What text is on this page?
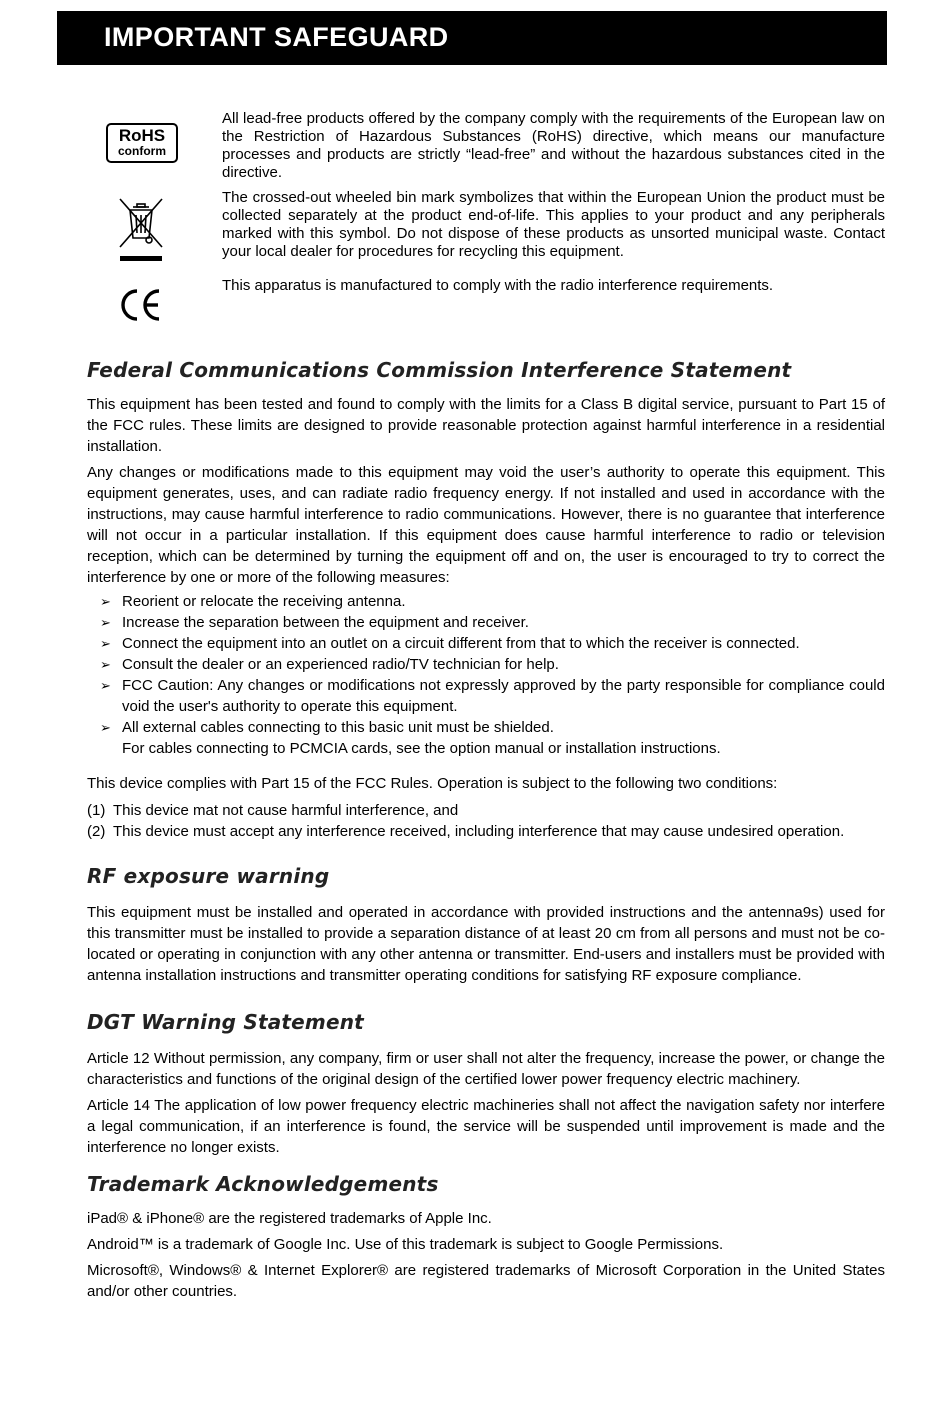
IMPORTANT SAFEGUARD
RoHS
conform

All lead-free products offered by the company comply with the requirements of the European law on the Restriction of Hazardous Substances (RoHS) directive, which means our manufacture processes and products are strictly “lead-free” and without the hazardous substances cited in the directive.

The crossed-out wheeled bin mark symbolizes that within the European Union the product must be collected separately at the product end-of-life. This applies to your product and any peripherals marked with this symbol. Do not dispose of these products as unsorted municipal waste. Contact your local dealer for procedures for recycling this equipment.

This apparatus is manufactured to comply with the radio interference requirements.

Federal Communications Commission Interference Statement

This equipment has been tested and found to comply with the limits for a Class B digital service, pursuant to Part 15 of the FCC rules. These limits are designed to provide reasonable protection against harmful interference in a residential installation.

Any changes or modifications made to this equipment may void the user’s authority to operate this equipment. This equipment generates, uses, and can radiate radio frequency energy. If not installed and used in accordance with the instructions, may cause harmful interference to radio communications. However, there is no guarantee that interference will not occur in a particular installation. If this equipment does cause harmful interference to radio or television reception, which can be determined by turning the equipment off and on, the user is encouraged to try to correct the interference by one or more of the following measures:

➢ Reorient or relocate the receiving antenna.
➢ Increase the separation between the equipment and receiver.
➢ Connect the equipment into an outlet on a circuit different from that to which the receiver is connected.
➢ Consult the dealer or an experienced radio/TV technician for help.
➢ FCC Caution: Any changes or modifications not expressly approved by the party responsible for compliance could void the user's authority to operate this equipment.
➢ All external cables connecting to this basic unit must be shielded.
For cables connecting to PCMCIA cards, see the option manual or installation instructions.

This device complies with Part 15 of the FCC Rules. Operation is subject to the following two conditions:

(1) This device mat not cause harmful interference, and

(2) This device must accept any interference received, including interference that may cause undesired operation.

RF exposure warning

This equipment must be installed and operated in accordance with provided instructions and the antenna9s) used for this transmitter must be installed to provide a separation distance of at least 20 cm from all persons and must not be co-located or operating in conjunction with any other antenna or transmitter. End-users and installers must be provided with antenna installation instructions and transmitter operating conditions for satisfying RF exposure compliance.

DGT Warning Statement

Article 12 Without permission, any company, firm or user shall not alter the frequency, increase the power, or change the characteristics and functions of the original design of the certified lower power frequency electric machinery.

Article 14 The application of low power frequency electric machineries shall not affect the navigation safety nor interfere a legal communication, if an interference is found, the service will be suspended until improvement is made and the interference no longer exists.

Trademark Acknowledgements

iPad® & iPhone® are the registered trademarks of Apple Inc.

Android™ is a trademark of Google Inc. Use of this trademark is subject to Google Permissions.

Microsoft®, Windows® & Internet Explorer® are registered trademarks of Microsoft Corporation in the United States and/or other countries.
